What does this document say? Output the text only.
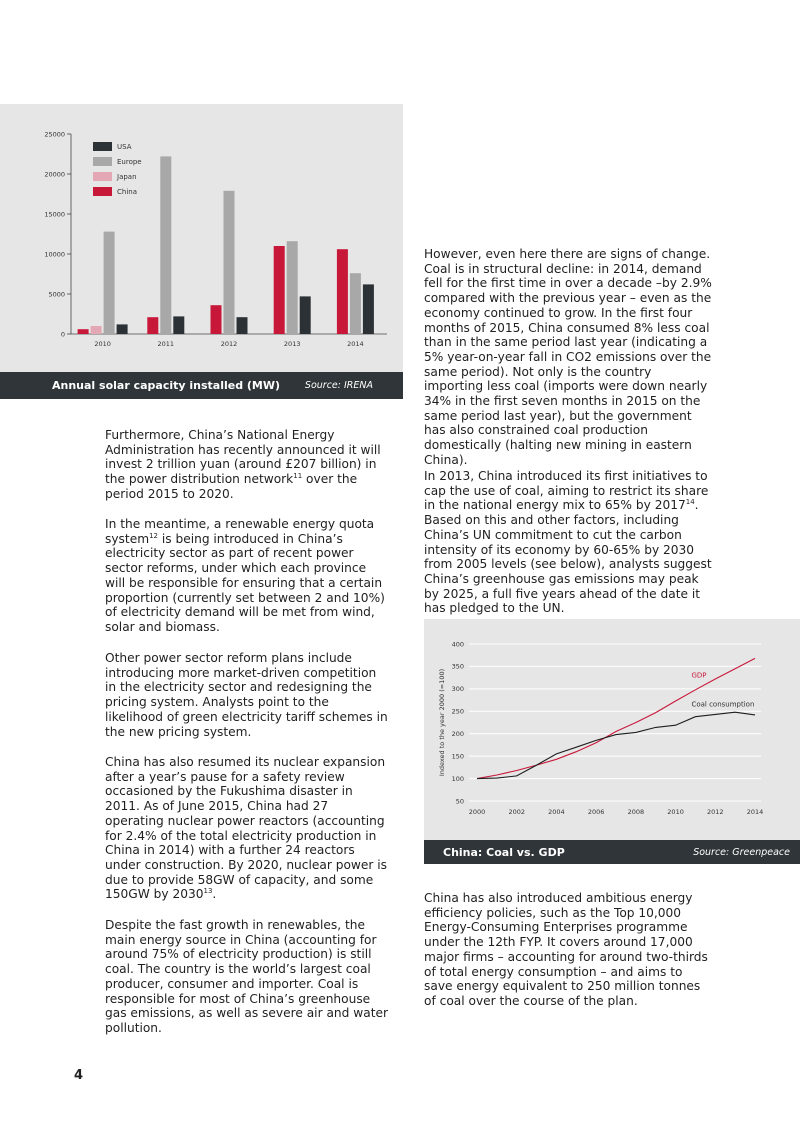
0
5000
10000
15000
20000
25000
2010	2011	2012	2013	2014
USA
Europe
Japan
China
Annual solar capacity installed (MW)	Source: IRENA
50
100
150
200
250
300
350
400
2000	2002	2004	2006	2008	2010	2012	2014
Indexed to the year 2000 (=100)	GDP
Coal consumption
China: Coal vs. GDP	Source: Greenpeace

Furthermore, China’s National Energy Administration has recently announced it will invest 2 trillion yuan (around £207 billion) in the power distribution network$^{11}$ over the period 2015 to 2020.

In the meantime, a renewable energy quota system$^{12}$ is being introduced in China’s electricity sector as part of recent power sector reforms, under which each province will be responsible for ensuring that a certain proportion (currently set between 2 and 10%) of electricity demand will be met from wind, solar and biomass.

Other power sector reform plans include introducing more market-driven competition in the electricity sector and redesigning the pricing system. Analysts point to the likelihood of green electricity tariff schemes in the new pricing system.

China has also resumed its nuclear expansion after a year’s pause for a safety review occasioned by the Fukushima disaster in 2011. As of June 2015, China had 27 operating nuclear power reactors (accounting for 2.4% of the total electricity production in China in 2014) with a further 24 reactors under construction. By 2020, nuclear power is due to provide 58GW of capacity, and some 150GW by 2030$^{13}$.

Despite the fast growth in renewables, the main energy source in China (accounting for around 75% of electricity production) is still coal. The country is the world’s largest coal producer, consumer and importer. Coal is responsible for most of China’s greenhouse gas emissions, as well as severe air and water pollution.

However, even here there are signs of change. Coal is in structural decline: in 2014, demand fell for the first time in over a decade –by 2.9% compared with the previous year – even as the economy continued to grow. In the first four months of 2015, China consumed 8% less coal than in the same period last year (indicating a 5% year-on-year fall in CO2 emissions over the same period). Not only is the country importing less coal (imports were down nearly 34% in the first seven months in 2015 on the same period last year), but the government has also constrained coal production domestically (halting new mining in eastern China).

In 2013, China introduced its first initiatives to cap the use of coal, aiming to restrict its share in the national energy mix to 65% by 2017$^{14}$. Based on this and other factors, including China’s UN commitment to cut the carbon intensity of its economy by 60-65% by 2030 from 2005 levels (see below), analysts suggest China’s greenhouse gas emissions may peak by 2025, a full five years ahead of the date it has pledged to the UN.

China has also introduced ambitious energy efficiency policies, such as the Top 10,000 Energy-Consuming Enterprises programme under the 12th FYP. It covers around 17,000 major firms – accounting for around two-thirds of total energy consumption – and aims to save energy equivalent to 250 million tonnes of coal over the course of the plan.

4
